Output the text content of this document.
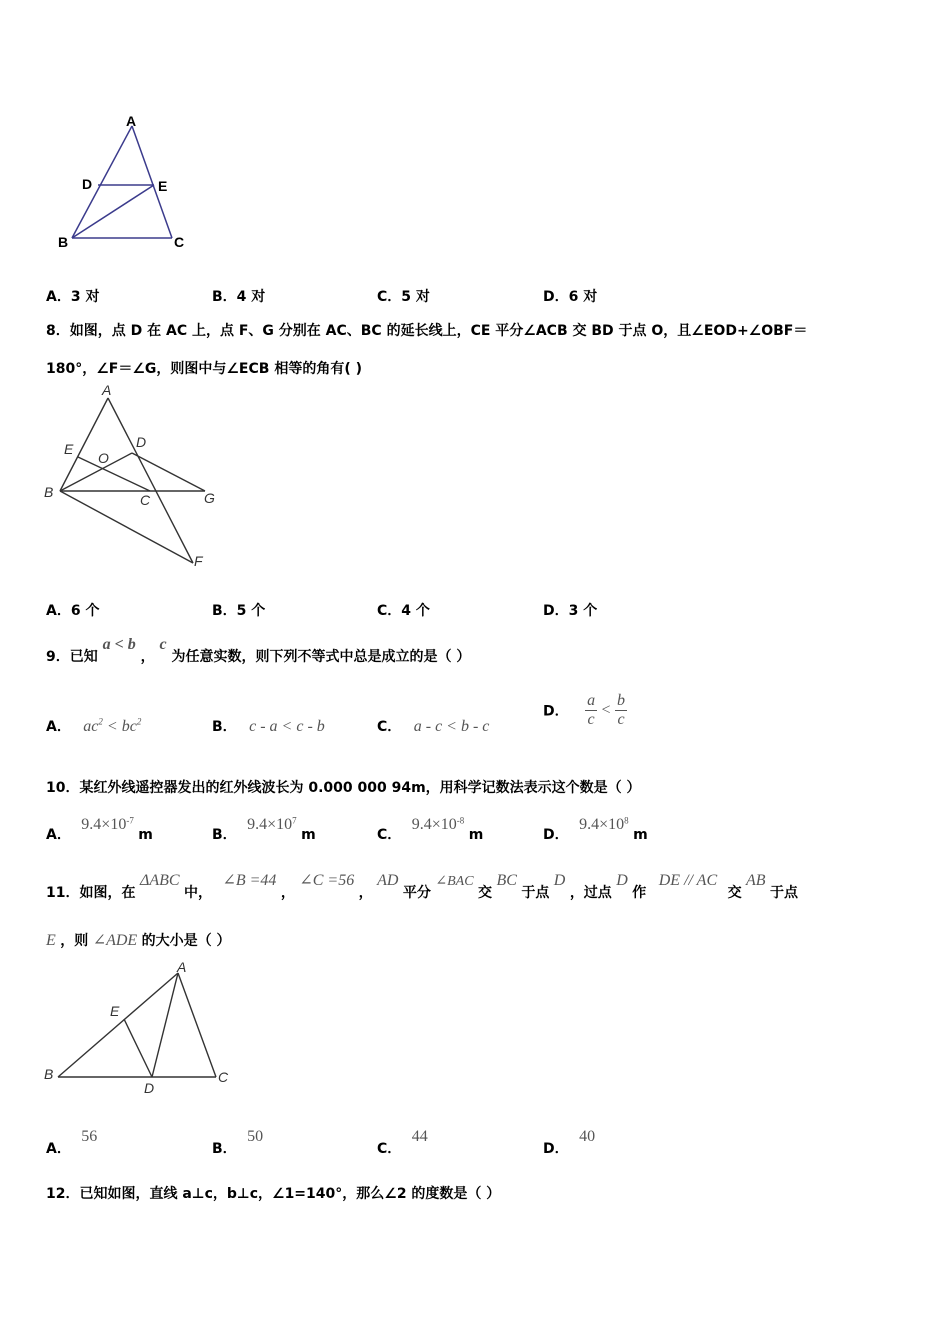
A
D	E
B	C
A．3 对	B．4 对	C．5 对	D．6 对
8．如图，点 D 在 AC 上，点 F、G 分别在 AC、BC 的延长线上，CE 平分∠ACB 交 BD 于点 O，且∠EOD+∠OBF＝
180°，∠F＝∠G，则图中与∠ECB 相等的角有( )
A
E
O
D
B	C	G
F
A．6 个	B．5 个	C．4 个	D．3 个
9．已知 a < b ， c 为任意实数，则下列不等式中总是成立的是（ ）
A． $ac^2 < bc^2$	B． c - a < c - b	C． a - c < b - c
D． $\frac{a}{c} < \frac{b}{c}$
10．某红外线遥控器发出的红外线波长为 0.000 000 94m，用科学记数法表示这个数是（ ）
A． $9.4\times 10^{-7}$ m	B． $9.4\times 10^7$ m	C． $9.4\times 10^{-8}$ m	D． $9.4\times 10^8$ m
11．如图，在 ΔABC 中， ∠B =44 ， ∠C =56 ， AD 平分 ∠BAC 交 BC 于点 D ，过点 D 作 DE // AC 交 AB 于点
E ，则 ∠ADE 的大小是（ ）
A
E
B
D
C
A． 56
B． 50
C． 44
D． 40
12．已知如图，直线 a⊥c，b⊥c，∠1=140°，那么∠2 的度数是（ ）
